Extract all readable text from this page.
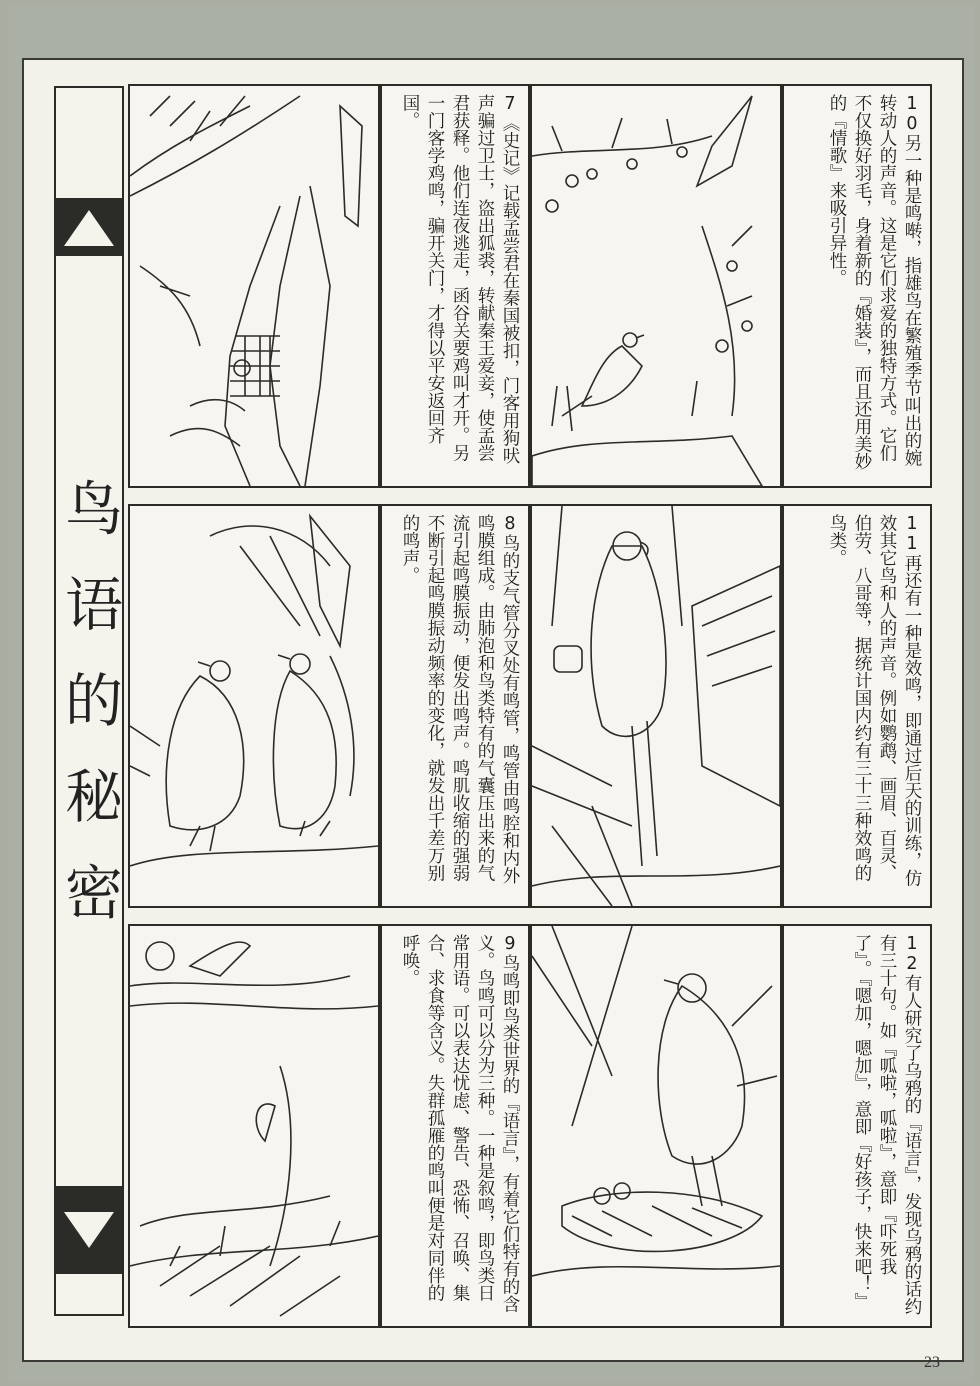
鸟语的秘密
7《史记》记载孟尝君在秦国被扣，门客用狗吠声骗过卫士，盗出狐裘，转献秦王爱妾，使孟尝君获释。他们连夜逃走，函谷关要鸡叫才开。另一门客学鸡鸣，骗开关门，才得以平安返回齐国。	10另一种是鸣啭，指雄鸟在繁殖季节叫出的婉转动人的声音。这是它们求爱的独特方式。它们不仅换好羽毛，身着新的『婚装』，而且还用美妙的『情歌』来吸引异性。
8鸟的支气管分叉处有鸣管，鸣管由鸣腔和内外鸣膜组成。由肺泡和鸟类特有的气囊压出来的气流引起鸣膜振动，便发出鸣声。鸣肌收缩的强弱不断引起鸣膜振动频率的变化，就发出千差万别的鸣声。	11再还有一种是效鸣，即通过后天的训练，仿效其它鸟和人的声音。例如鹦鹉、画眉、百灵、伯劳、八哥等，据统计国内约有三十三种效鸣的鸟类。
9鸟鸣即鸟类世界的『语言』，有着它们特有的含义。鸟鸣可以分为三种。一种是叙鸣，即鸟类日常用语。可以表达忧虑、警告、恐怖、召唤、集合、求食等含义。失群孤雁的鸣叫便是对同伴的呼唤。	12有人研究了乌鸦的『语言』，发现乌鸦的话约有三十句。如『呱啦，呱啦』，意即『吓死我了』。『嗯加，嗯加』，意即『好孩子，快来吧！』
23
